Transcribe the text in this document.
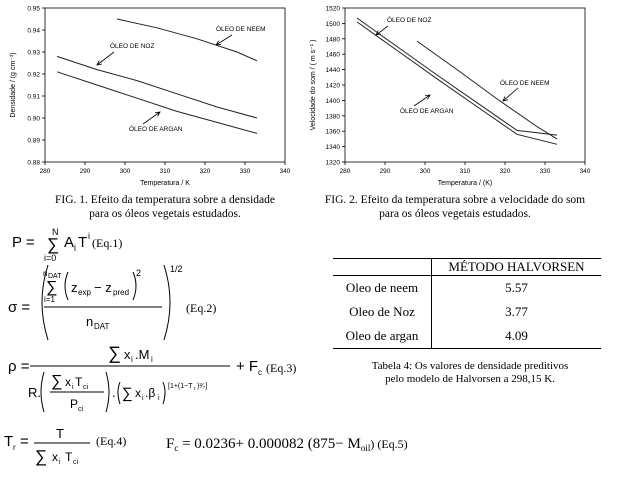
280	290	300	310	320	330	340
0.88
0.89
0.90
0.91
0.92
0.93
0.94
0.95
Temperatura / K
Densidade / (g cm⁻³)
ÓLEO DE NEEM
ÓLEO DE NOZ
ÓLEO DE ARGAN
FIG. 1. Efeito da temperatura sobre a densidade
para os óleos vegetais estudados.
280	290	300	310	320	330	340
1320
1340
1360
1380
1400
1420
1440
1460
1480
1500
1520
Temperatura / (K)
Velocidade do som / ( m s⁻¹ )
ÓLEO DE NOZ
ÓLEO DE NEEM
ÓLEO DE ARGAN
FIG. 2. Efeito da temperatura sobre a velocidade do som
para os óleos vegetais estudados.
P =
N
∑
i=0
A i T i (Eq.1)
σ =
n DAT
∑
i=1
z exp − z pred
2
n DAT
1/2
(Eq.2)
ρ =
∑ x i .M i
R.
∑ x i T ci
P ci
. ∑ x i .β i
[1+(1−T r )²⁄₇]
+ F c (Eq.3)
T r = T
∑ x i T ci
(Eq.4)	$F_c = 0.0236+ 0.000082$ $(875- M_{oil})$ (Eq.5)
	MÉTODO HALVORSEN
Oleo de neem	5.57
Oleo de Noz	3.77
Oleo de argan	4.09
Tabela 4: Os valores de densidade preditivos
pelo modelo de Halvorsen a 298,15 K.
